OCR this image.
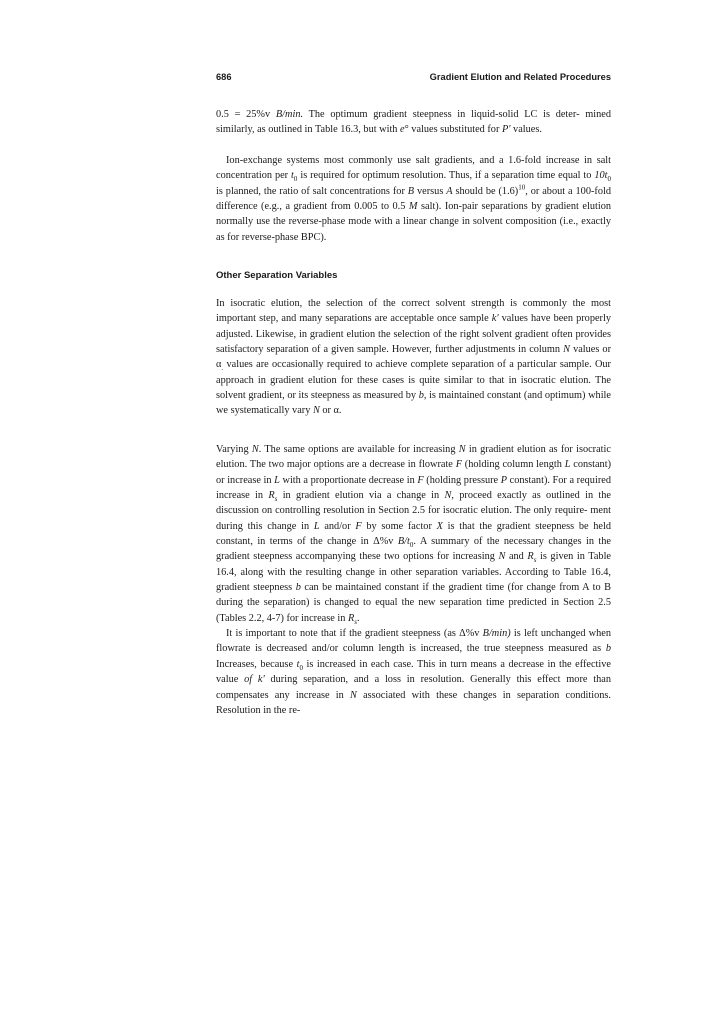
686	Gradient Elution and Related Procedures

0.5 = 25%v B/min. The optimum gradient steepness in liquid-solid LC is deter- mined similarly, as outlined in Table 16.3, but with e° values substituted for P' values.

Ion-exchange systems most commonly use salt gradients, and a 1.6-fold increase in salt concentration per $t_0$ is required for optimum resolution. Thus, if a separation time equal to $10t_0$ is planned, the ratio of salt concentrations for B versus A should be $(1.6)^{10}$, or about a 100-fold difference (e.g., a gradient from 0.005 to 0.5 M salt). Ion-pair separations by gradient elution normally use the reverse-phase mode with a linear change in solvent composition (i.e., exactly as for reverse-phase BPC).

Other Separation Variables

In isocratic elution, the selection of the correct solvent strength is commonly the most important step, and many separations are acceptable once sample k' values have been properly adjusted. Likewise, in gradient elution the selection of the right solvent gradient often provides satisfactory separation of a given sample. However, further adjustments in column N values or $\alpha_.$ values are occasionally required to achieve complete separation of a particular sample. Our approach in gradient elution for these cases is quite similar to that in isocratic elution. The solvent gradient, or its steepness as measured by b, is maintained constant (and optimum) while we systematically vary N or α.

Varying N. The same options are available for increasing N in gradient elution as for isocratic elution. The two major options are a decrease in flowrate F (holding column length L constant) or increase in L with a proportionate decrease in F (holding pressure P constant). For a required increase in $R_s$ in gradient elution via a change in N, proceed exactly as outlined in the discussion on controlling resolution in Section 2.5 for isocratic elution. The only require- ment during this change in L and/or F by some factor X is that the gradient steepness be held constant, in terms of the change in Δ%v $B/t_0$. A summary of the necessary changes in the gradient steepness accompanying these two options for increasing N and $R_s$ is given in Table 16.4, along with the resulting change in other separation variables. According to Table 16.4, gradient steepness b can be maintained constant if the gradient time (for change from A to B during the separation) is changed to equal the new separation time predicted in Section 2.5 (Tables 2.2, 4-7) for increase in $R_s$.

It is important to note that if the gradient steepness (as Δ%v B/min) is left unchanged when flowrate is decreased and/or column length is increased, the true steepness measured as b Increases, because $t_0$ is increased in each case. This in turn means a decrease in the effective value of k' during separation, and a loss in resolution. Generally this effect more than compensates any increase in N associated with these changes in separation conditions. Resolution in the re-
